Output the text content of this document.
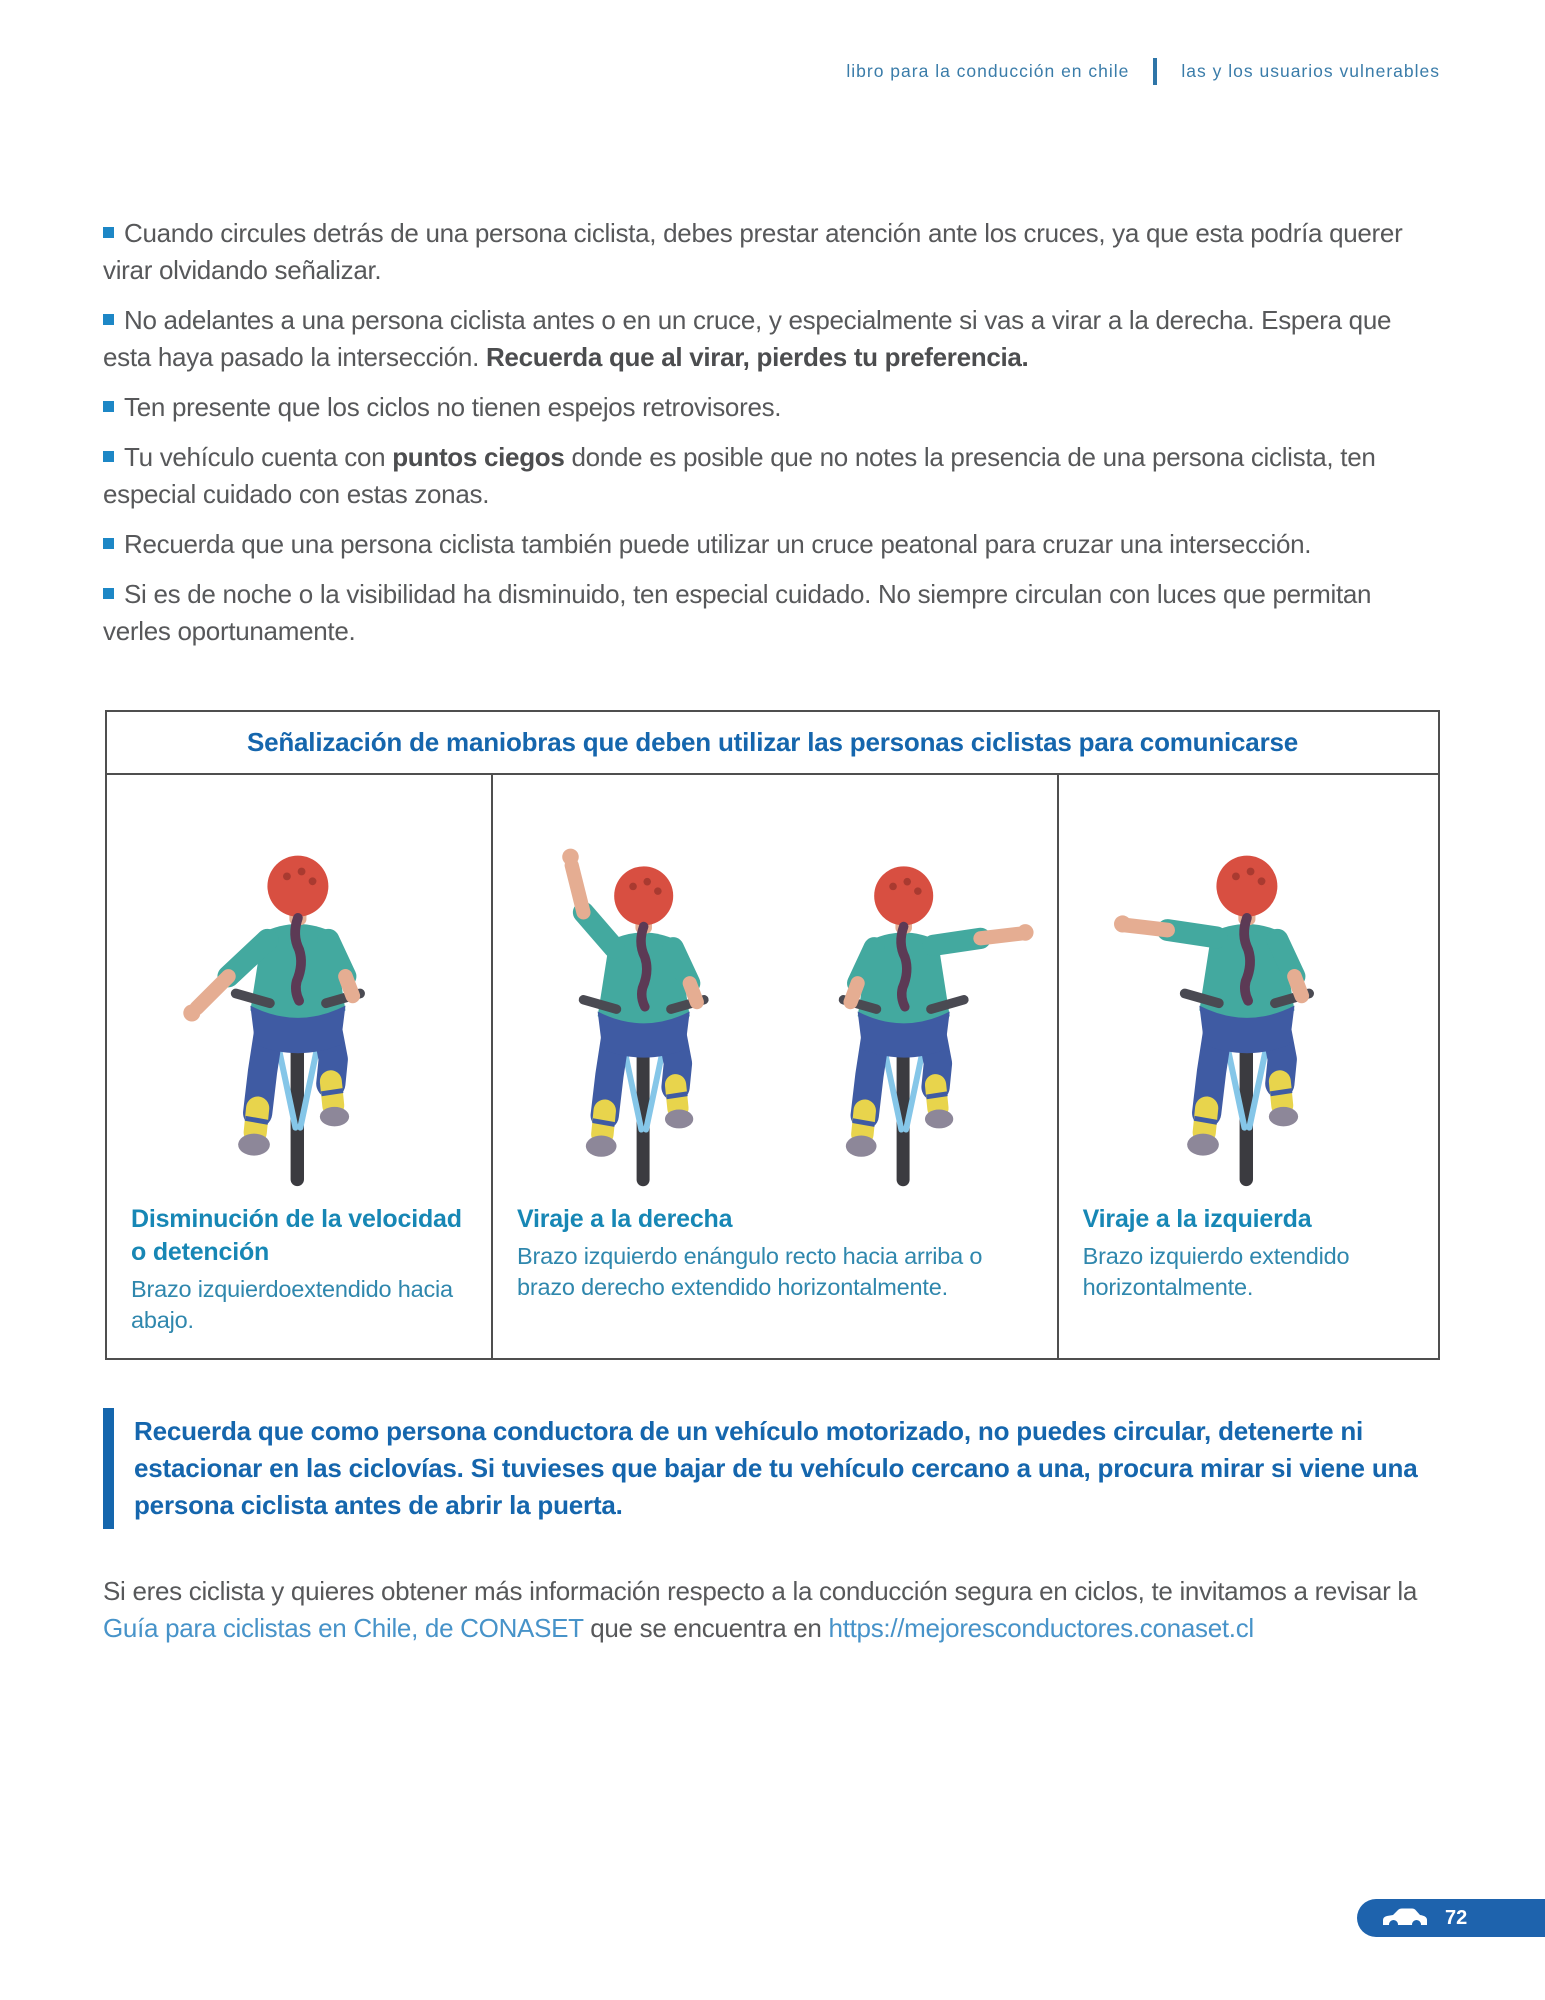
libro para la conducción en chile	las y los usuarios vulnerables

Cuando circules detrás de una persona ciclista, debes prestar atención ante los cruces, ya que esta podría querer virar olvidando señalizar.

No adelantes a una persona ciclista antes o en un cruce, y especialmente si vas a virar a la derecha. Espera que esta haya pasado la intersección. Recuerda que al virar, pierdes tu preferencia.

Ten presente que los ciclos no tienen espejos retrovisores.

Tu vehículo cuenta con puntos ciegos donde es posible que no notes la presencia de una persona ciclista, ten especial cuidado con estas zonas.

Recuerda que una persona ciclista también puede utilizar un cruce peatonal para cruzar una intersección.

Si es de noche o la visibilidad ha disminuido, ten especial cuidado. No siempre circulan con luces que permitan verles oportunamente.

Señalización de maniobras que deben utilizar las personas ciclistas para comunicarse
Disminución de la velocidad o detención
Brazo izquierdoextendido hacia abajo.
Viraje a la derecha
Brazo izquierdo enángulo recto hacia arriba o brazo derecho extendido horizontalmente.
Viraje a la izquierda
Brazo izquierdo extendido horizontalmente.
Recuerda que como persona conductora de un vehículo motorizado, no puedes circular, detenerte ni estacionar en las ciclovías. Si tuvieses que bajar de tu vehículo cercano a una, procura mirar si viene una persona ciclista antes de abrir la puerta.

Si eres ciclista y quieres obtener más información respecto a la conducción segura en ciclos, te invitamos a revisar la Guía para ciclistas en Chile, de CONASET que se encuentra en https://mejoresconductores.conaset.cl

72
